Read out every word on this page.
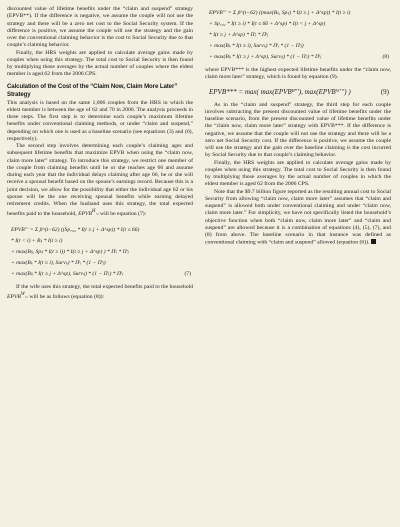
discounted value of lifetime benefits under the “claim and suspend” strategy (EPVB**). If the difference is negative, we assume the couple will not use the strategy and there will be a zero net cost to the Social Security system. If the difference is positive, we assume the couple will use the strategy and the gain over the conventional claiming behavior is the cost to Social Security due to that couple’s claiming behavior.

Finally, the HRS weights are applied to calculate average gains made by couples when using this strategy. The total cost to Social Security is then found by multiplying those averages by the actual number of couples where the eldest member is aged 62 from the 2006 CPS.

Calculation of the Cost of the “Claim Now, Claim More Later” Strategy

This analysis is based on the same 1,006 couples from the HRS in which the eldest member is between the age of 62 and 70 in 2006. The analysis proceeds in three steps. The first step is to determine each couple’s maximum lifetime benefits under conventional claiming methods, or under “claim and suspend,” depending on which one is used as a baseline scenario (see equations (3) and (6), respectively).

The second step involves determining each couple’s claiming ages and subsequent lifetime benefits that maximize EPVB when using the “claim now, claim more later” strategy. To introduce this strategy, we restrict one member of the couple from claiming benefits until he or she reaches age 66 and assume during each year that the individual delays claiming after age 66, he or she will receive a spousal benefit based on the spouse’s earnings record. Because this is a joint decision, we allow for the possibility that either the individual age 62 or his spouse will be the one receiving spousal benefits while earning delayed retirement credits. When the husband uses this strategy, the total expected benefits paid to the household, $EPVB^H'''$ will be equation (7):

EPVB′′′ = Σ β^(t−62) ((Sp₇₀₂ * I(t ≥ j + Δ^sp)) * I(t ≤ 66)
* I(t < i) + Bₗᵢ * I(t ≥ i)
+ max(Bₗⱼ, Spₗⱼ * I(t ≥ i)) * I(t ≥ j + Δ^sp) ) * Πᵗᵢ * Πᵗⱼ
+ max(Bₗᵢ * I(t ≥ i), Survₗᵢ) * Πᵗᵢ * (1 − Πᵗⱼ)
+ max(Bₗⱼ * I(t ≥ j + Δ^sp), Survₗⱼ) * (1 − Πᵗᵢ) * Πᵗⱼ	(7)

If the wife uses this strategy, the total expected benefits paid to the household $EPVB^W'''$ will be as follows (equation (8)):

EPVB′′′ = Σ β^(t−62) ((max(Bₗᵢ, Spₗᵢ) * I(t ≥ j + Δ^sp)) * I(t ≥ i)
+ Sp₇₀₂ * I(t ≥ i) * I(t ≤ 66 + Δ^sp) * I(t < j + Δ^sp)
* I(t ≥ j + Δ^sp) * Πᵗᵢ * Πᵗⱼ
+ max(Bₗᵢ * I(t ≥ i), Survₗᵢ) * Πᵗᵢ * (1 − Πᵗⱼ)
+ max(Bₗⱼ * I(t ≥ j + Δ^sp), Survₗⱼ) * (1 − Πᵗᵢ) * Πᵗⱼ	(8)

where EPVB*** is the highest expected lifetime benefits under the “claim now, claim more later” strategy, which is found by equation (9).

EPVB*** = max( max(EPVBᴴ′′′), max(EPVBᵂ′′′) )	(9)

As in the “claim and suspend” strategy, the third step for each couple involves subtracting the present discounted value of lifetime benefits under the baseline scenario, from the present discounted value of lifetime benefits under the “claim now, claim more later” strategy with EPVB***. If the difference is negative, we assume that the couple will not use the strategy and there will be a zero net Social Security cost. If the difference is positive, we assume the couple will use the strategy and the gain over the baseline claiming is the cost incurred by Social Security due to that couple’s claiming behavior.

Finally, the HRS weights are applied to calculate average gains made by couples when using this strategy. The total cost to Social Security is then found by multiplying those averages by the actual number of couples in which the eldest member is aged 62 from the 2006 CPS.

Note that the $9.7 billion figure reported as the resulting annual cost to Social Security from allowing “claim now, claim more later” assumes that “claim and suspend” is allowed both under conventional claiming and under “claim now, claim more later.” For simplicity, we have not specifically listed the household’s objective function when both “claim now, claim more later” and “claim and suspend” are allowed because it is a combination of equations (4), (5), (7), and (8) from above. The baseline scenario in that instance was defined as conventional claiming with “claim and suspend” allowed (equation (6)).
